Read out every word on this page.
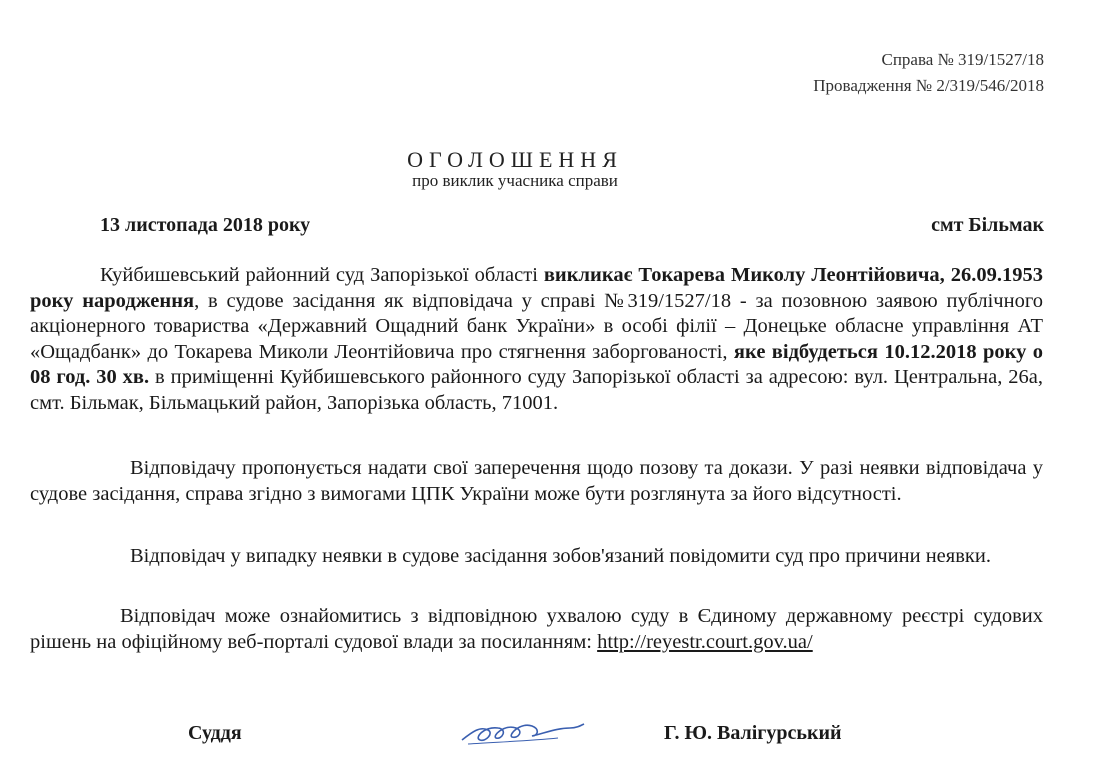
Справа № 319/1527/18
Провадження № 2/319/546/2018
ОГОЛОШЕННЯ
про виклик учасника справи
13 листопада 2018 року	смт Більмак
Куйбишевський районний суд Запорізької області викликає Токарева Миколу Леонтійовича, 26.09.1953 року народження, в судове засідання як відповідача у справі №319/1527/18 - за позовною заявою публічного акціонерного товариства «Державний Ощадний банк України» в особі філії – Донецьке обласне управління АТ «Ощадбанк» до Токарева Миколи Леонтійовича про стягнення заборгованості, яке відбудеться 10.12.2018 року о 08 год. 30 хв. в приміщенні Куйбишевського районного суду Запорізької області за адресою: вул. Центральна, 26а, смт. Більмак, Більмацький район, Запорізька область, 71001.
Відповідачу пропонується надати свої заперечення щодо позову та докази. У разі неявки відповідача у судове засідання, справа згідно з вимогами ЦПК України може бути розглянута за його відсутності.
Відповідач у випадку неявки в судове засідання зобов'язаний повідомити суд про причини неявки.
Відповідач може ознайомитись з відповідною ухвалою суду в Єдиному державному реєстрі судових рішень на офіційному веб-порталі судової влади за посиланням: http://reyestr.court.gov.ua/
Суддя	Г. Ю. Валігурський
